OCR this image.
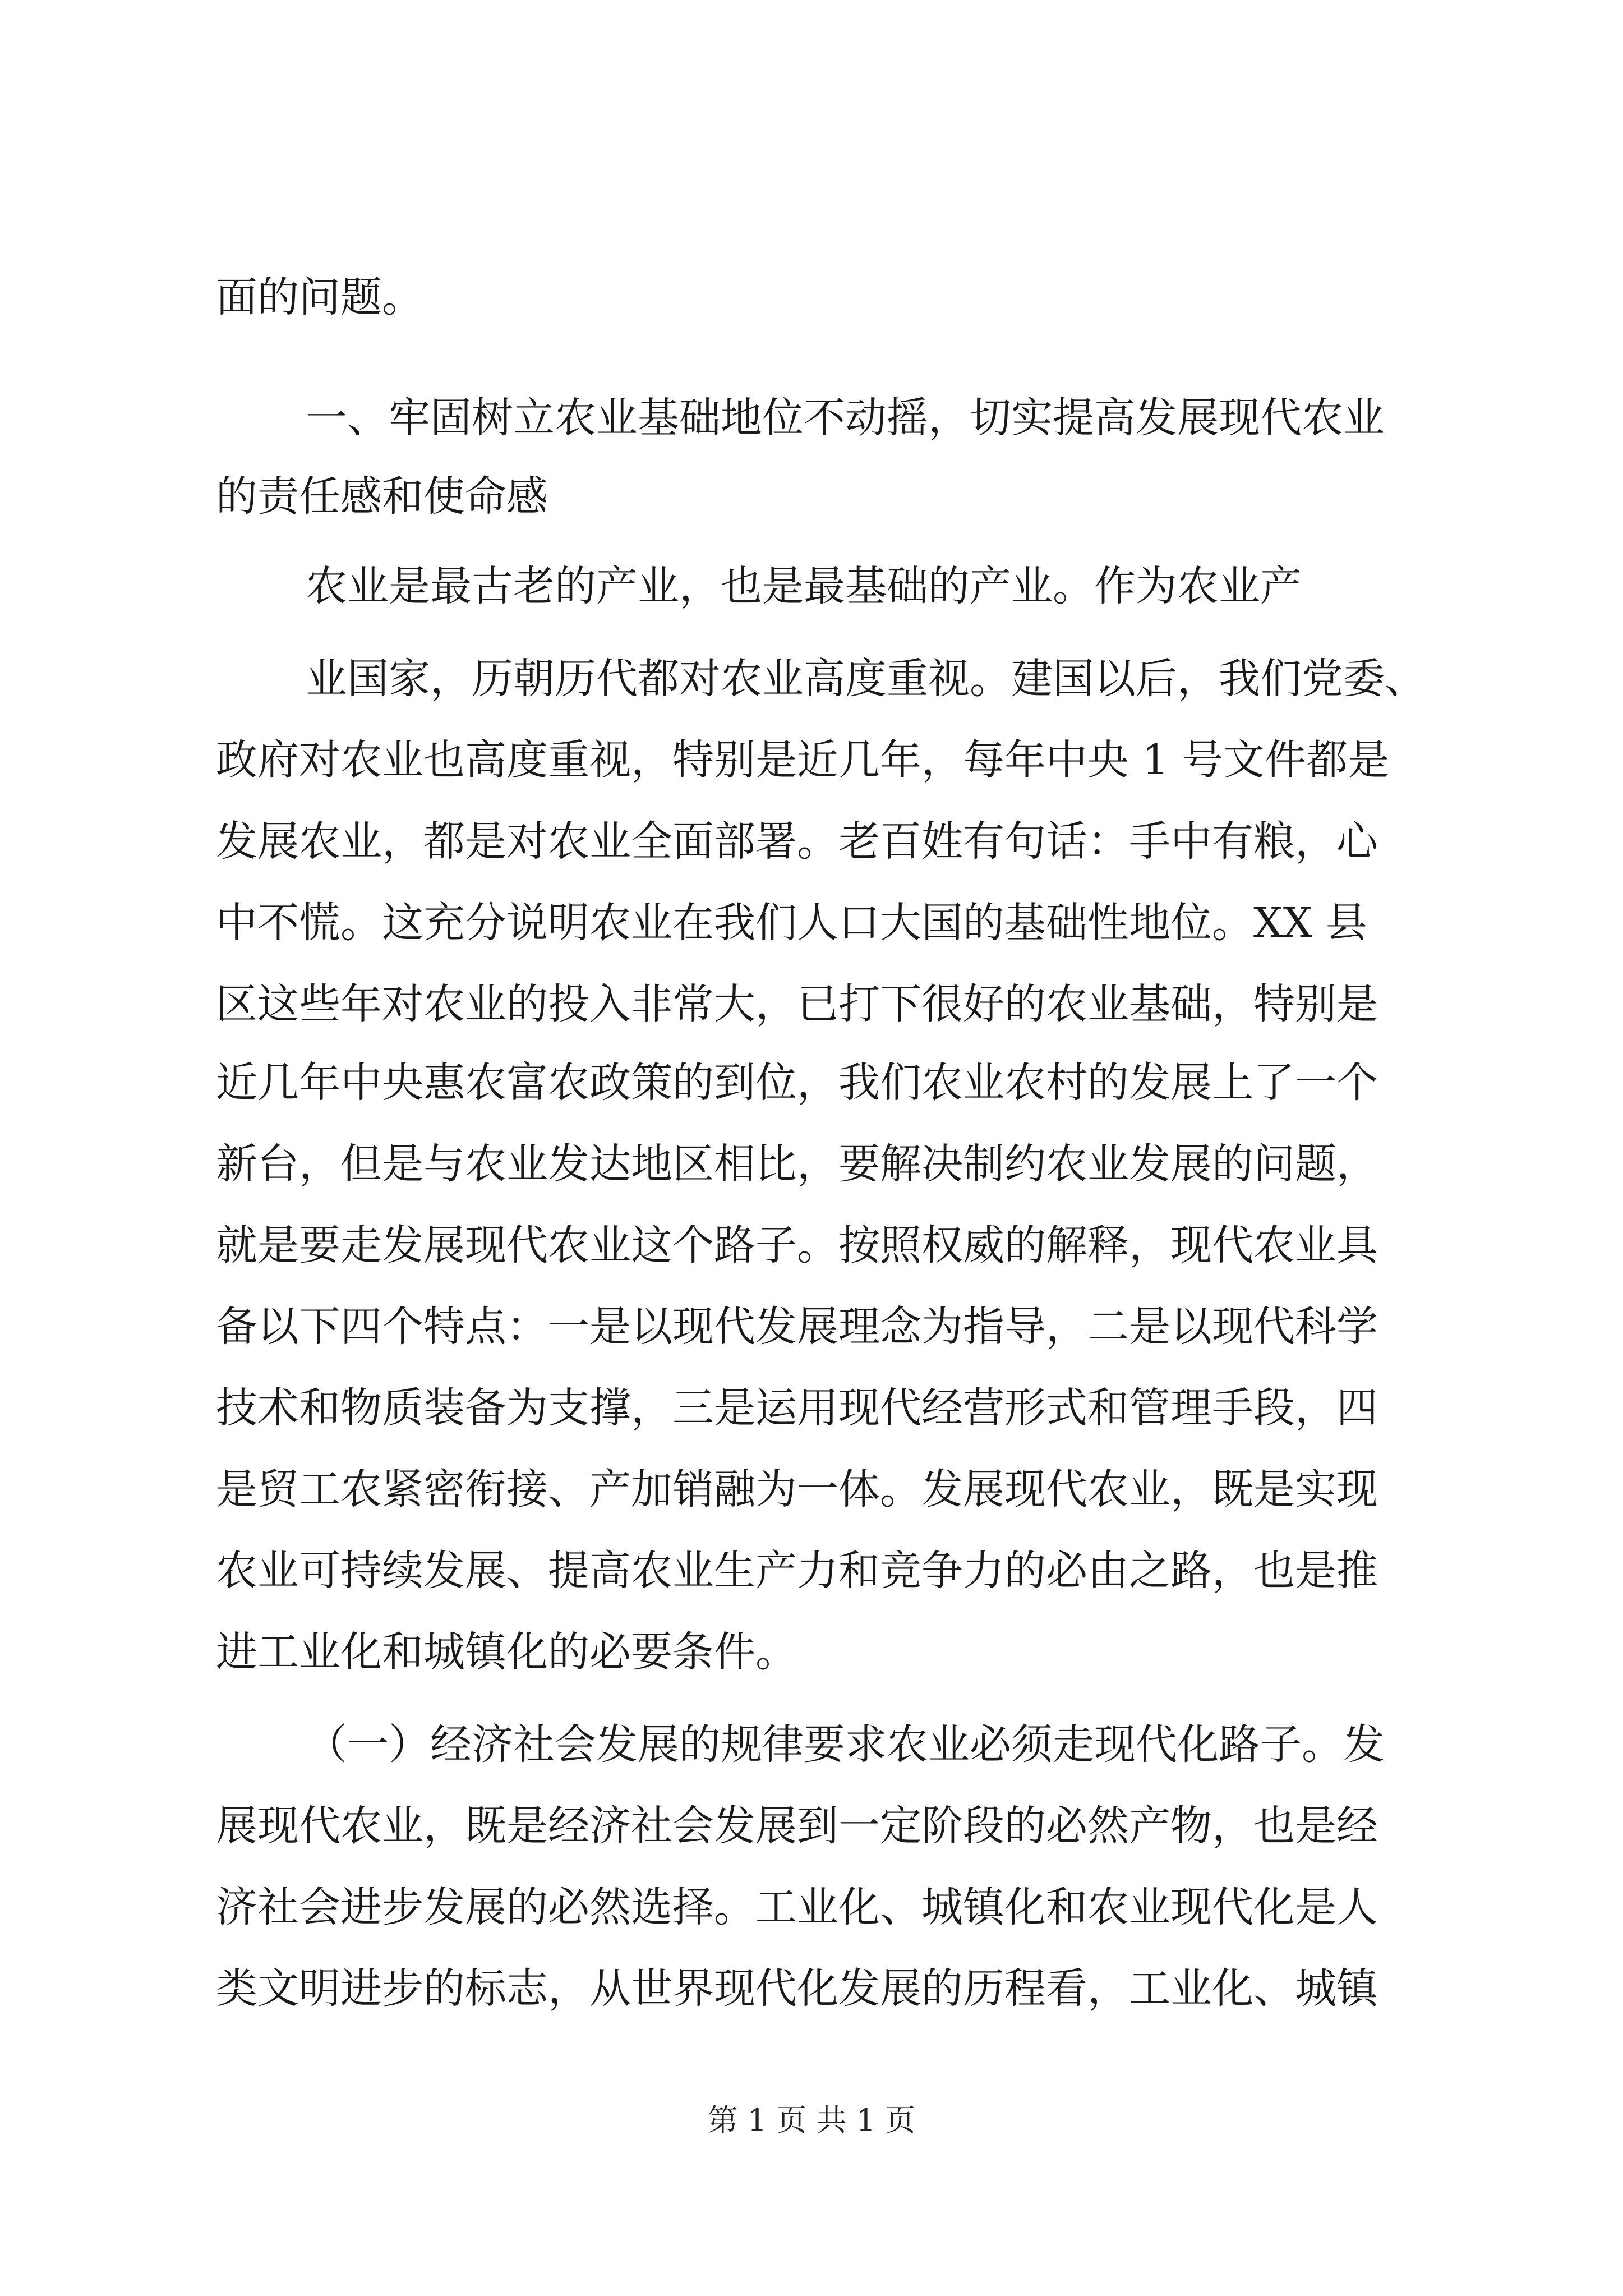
面的问题。
一、牢固树立农业基础地位不动摇，切实提高发展现代农业
的责任感和使命感
农业是最古老的产业，也是最基础的产业。作为农业产
业国家，历朝历代都对农业高度重视。建国以后，我们党委、
政府对农业也高度重视，特别是近几年，每年中央 1 号文件都是
发展农业，都是对农业全面部署。老百姓有句话：手中有粮，心
中不慌。这充分说明农业在我们人口大国的基础性地位。XX 县
区这些年对农业的投入非常大，已打下很好的农业基础，特别是
近几年中央惠农富农政策的到位，我们农业农村的发展上了一个
新台，但是与农业发达地区相比，要解决制约农业发展的问题，
就是要走发展现代农业这个路子。按照权威的解释，现代农业具
备以下四个特点：一是以现代发展理念为指导，二是以现代科学
技术和物质装备为支撑，三是运用现代经营形式和管理手段，四
是贸工农紧密衔接、产加销融为一体。发展现代农业，既是实现
农业可持续发展、提高农业生产力和竞争力的必由之路，也是推
进工业化和城镇化的必要条件。
（一）经济社会发展的规律要求农业必须走现代化路子。发
展现代农业，既是经济社会发展到一定阶段的必然产物，也是经
济社会进步发展的必然选择。工业化、城镇化和农业现代化是人
类文明进步的标志，从世界现代化发展的历程看，工业化、城镇
第 1 页 共 1 页
